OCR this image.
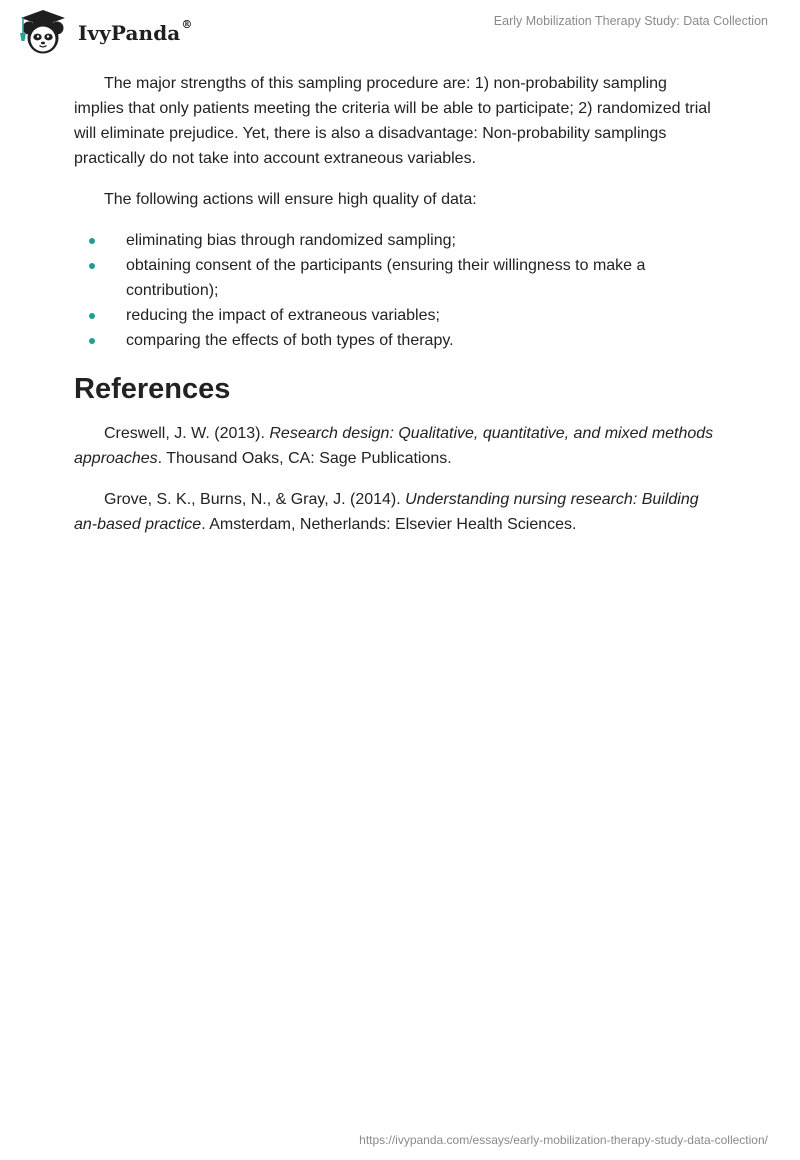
IvyPanda®	Early Mobilization Therapy Study: Data Collection

The major strengths of this sampling procedure are: 1) non-probability sampling implies that only patients meeting the criteria will be able to participate; 2) randomized trial will eliminate prejudice. Yet, there is also a disadvantage: Non-probability samplings practically do not take into account extraneous variables.

The following actions will ensure high quality of data:

eliminating bias through randomized sampling;
obtaining consent of the participants (ensuring their willingness to make a contribution);
reducing the impact of extraneous variables;
comparing the effects of both types of therapy.
References

Creswell, J. W. (2013). Research design: Qualitative, quantitative, and mixed methods approaches. Thousand Oaks, CA: Sage Publications.

Grove, S. K., Burns, N., & Gray, J. (2014). Understanding nursing research: Building an-based practice. Amsterdam, Netherlands: Elsevier Health Sciences.

https://ivypanda.com/essays/early-mobilization-therapy-study-data-collection/
